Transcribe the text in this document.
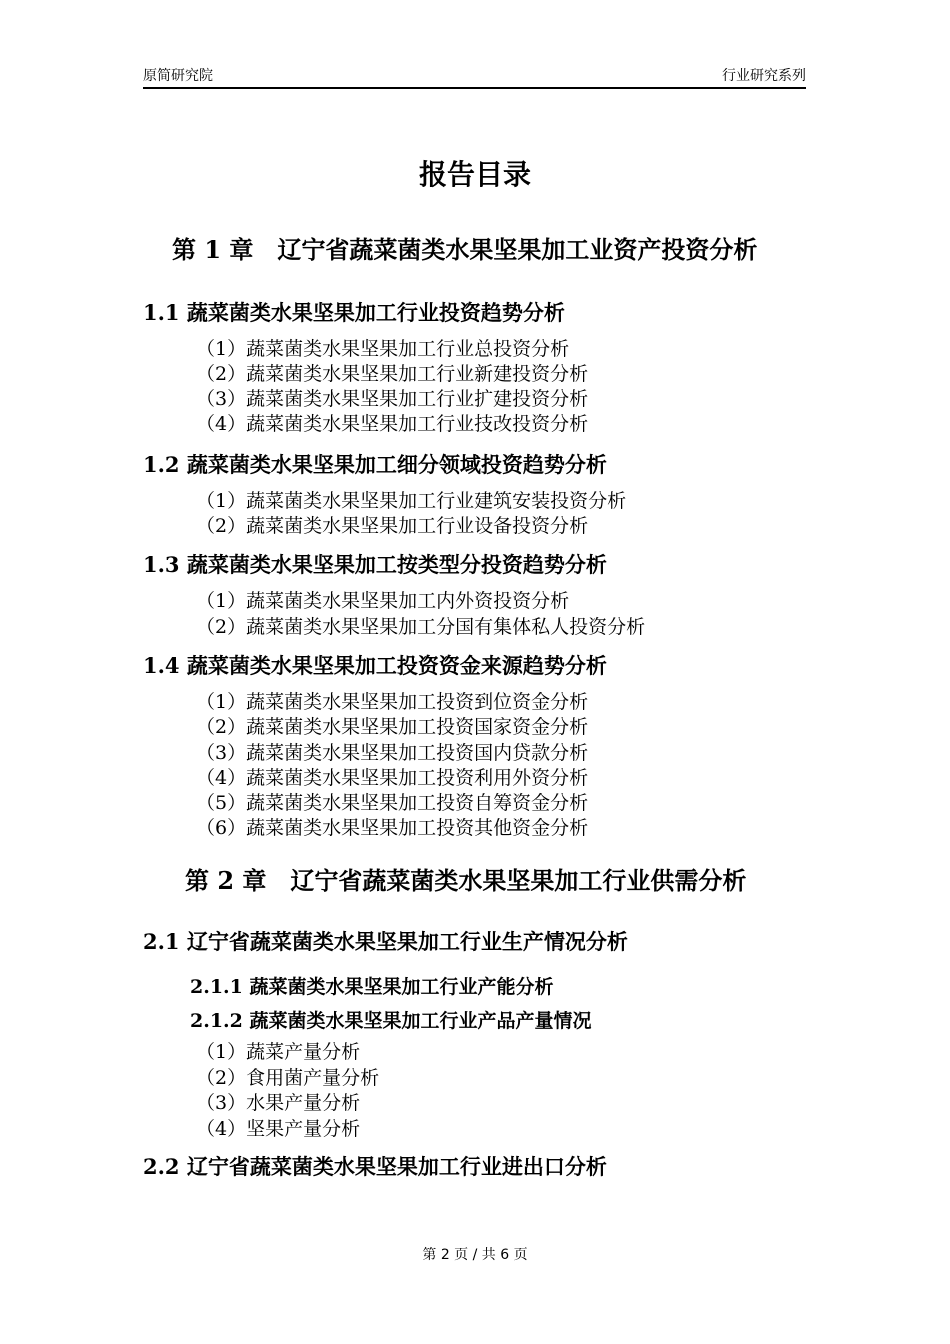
原简研究院	行业研究系列
报告目录
第 1 章　辽宁省蔬菜菌类水果坚果加工业资产投资分析
1.1 蔬菜菌类水果坚果加工行业投资趋势分析
（1）蔬菜菌类水果坚果加工行业总投资分析
（2）蔬菜菌类水果坚果加工行业新建投资分析
（3）蔬菜菌类水果坚果加工行业扩建投资分析
（4）蔬菜菌类水果坚果加工行业技改投资分析
1.2 蔬菜菌类水果坚果加工细分领域投资趋势分析
（1）蔬菜菌类水果坚果加工行业建筑安装投资分析
（2）蔬菜菌类水果坚果加工行业设备投资分析
1.3 蔬菜菌类水果坚果加工按类型分投资趋势分析
（1）蔬菜菌类水果坚果加工内外资投资分析
（2）蔬菜菌类水果坚果加工分国有集体私人投资分析
1.4 蔬菜菌类水果坚果加工投资资金来源趋势分析
（1）蔬菜菌类水果坚果加工投资到位资金分析
（2）蔬菜菌类水果坚果加工投资国家资金分析
（3）蔬菜菌类水果坚果加工投资国内贷款分析
（4）蔬菜菌类水果坚果加工投资利用外资分析
（5）蔬菜菌类水果坚果加工投资自筹资金分析
（6）蔬菜菌类水果坚果加工投资其他资金分析
第 2 章　辽宁省蔬菜菌类水果坚果加工行业供需分析
2.1 辽宁省蔬菜菌类水果坚果加工行业生产情况分析
2.1.1 蔬菜菌类水果坚果加工行业产能分析
2.1.2 蔬菜菌类水果坚果加工行业产品产量情况
（1）蔬菜产量分析
（2）食用菌产量分析
（3）水果产量分析
（4）坚果产量分析
2.2 辽宁省蔬菜菌类水果坚果加工行业进出口分析
第 2 页 / 共 6 页
